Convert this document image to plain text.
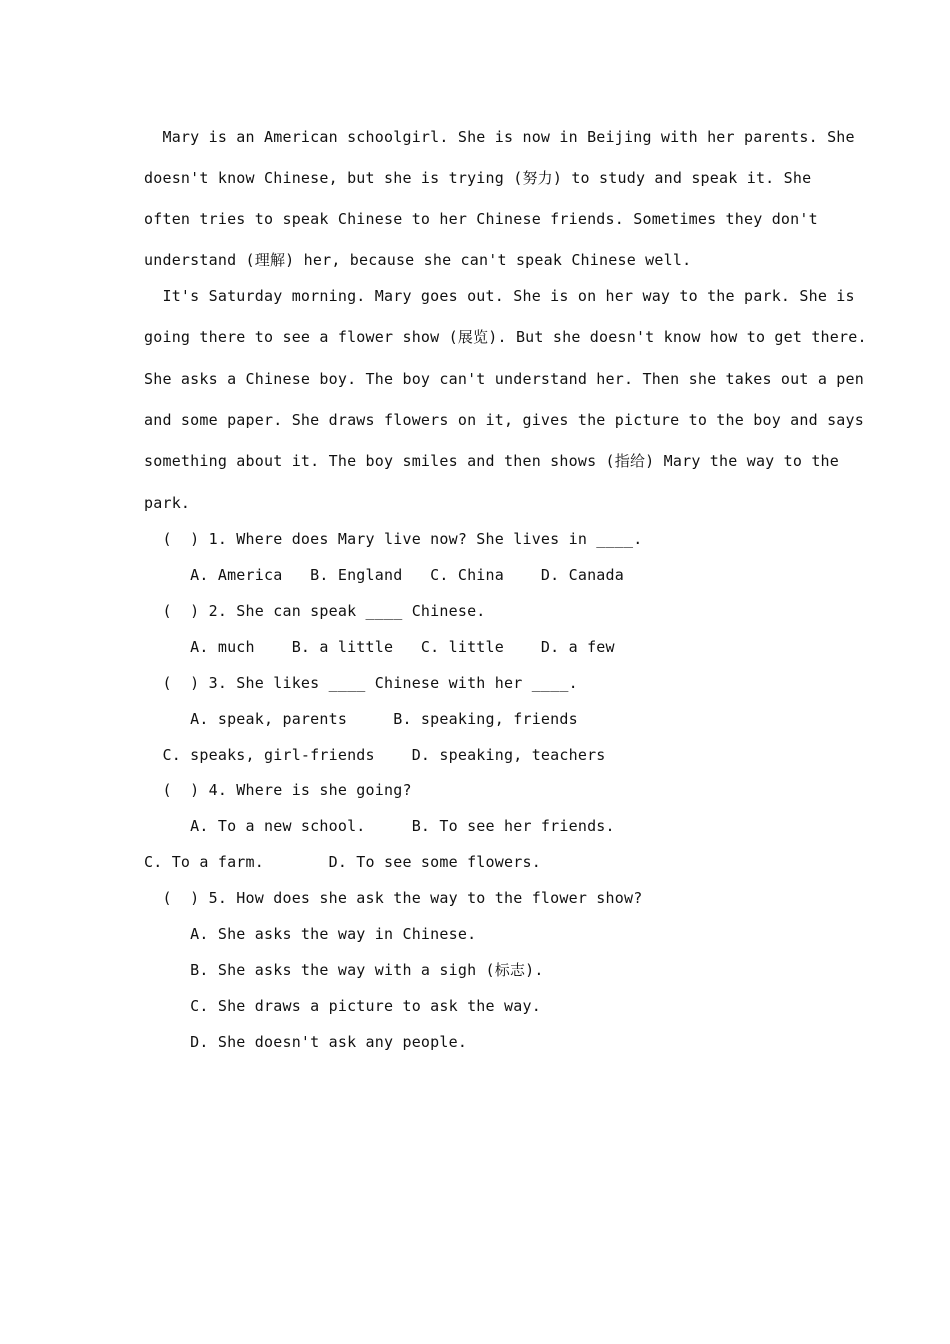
Mary is an American schoolgirl. She is now in Beijing with her parents. She
doesn't know Chinese, but she is trying (努力) to study and speak it. She
often tries to speak Chinese to her Chinese friends. Sometimes they don't
understand (理解) her, because she can't speak Chinese well.
It's Saturday morning. Mary goes out. She is on her way to the park. She is
going there to see a flower show (展览). But she doesn't know how to get there.
She asks a Chinese boy. The boy can't understand her. Then she takes out a pen
and some paper. She draws flowers on it, gives the picture to the boy and says
something about it. The boy smiles and then shows (指给) Mary the way to the
park.
(  ) 1. Where does Mary live now? She lives in ____.
A. America   B. England   C. China    D. Canada
(  ) 2. She can speak ____ Chinese.
A. much    B. a little   C. little    D. a few
(  ) 3. She likes ____ Chinese with her ____.
A. speak, parents     B. speaking, friends
C. speaks, girl-friends    D. speaking, teachers
(  ) 4. Where is she going?
A. To a new school.     B. To see her friends.
C. To a farm.       D. To see some flowers.
(  ) 5. How does she ask the way to the flower show?
A. She asks the way in Chinese.
B. She asks the way with a sigh (标志).
C. She draws a picture to ask the way.
D. She doesn't ask any people.
